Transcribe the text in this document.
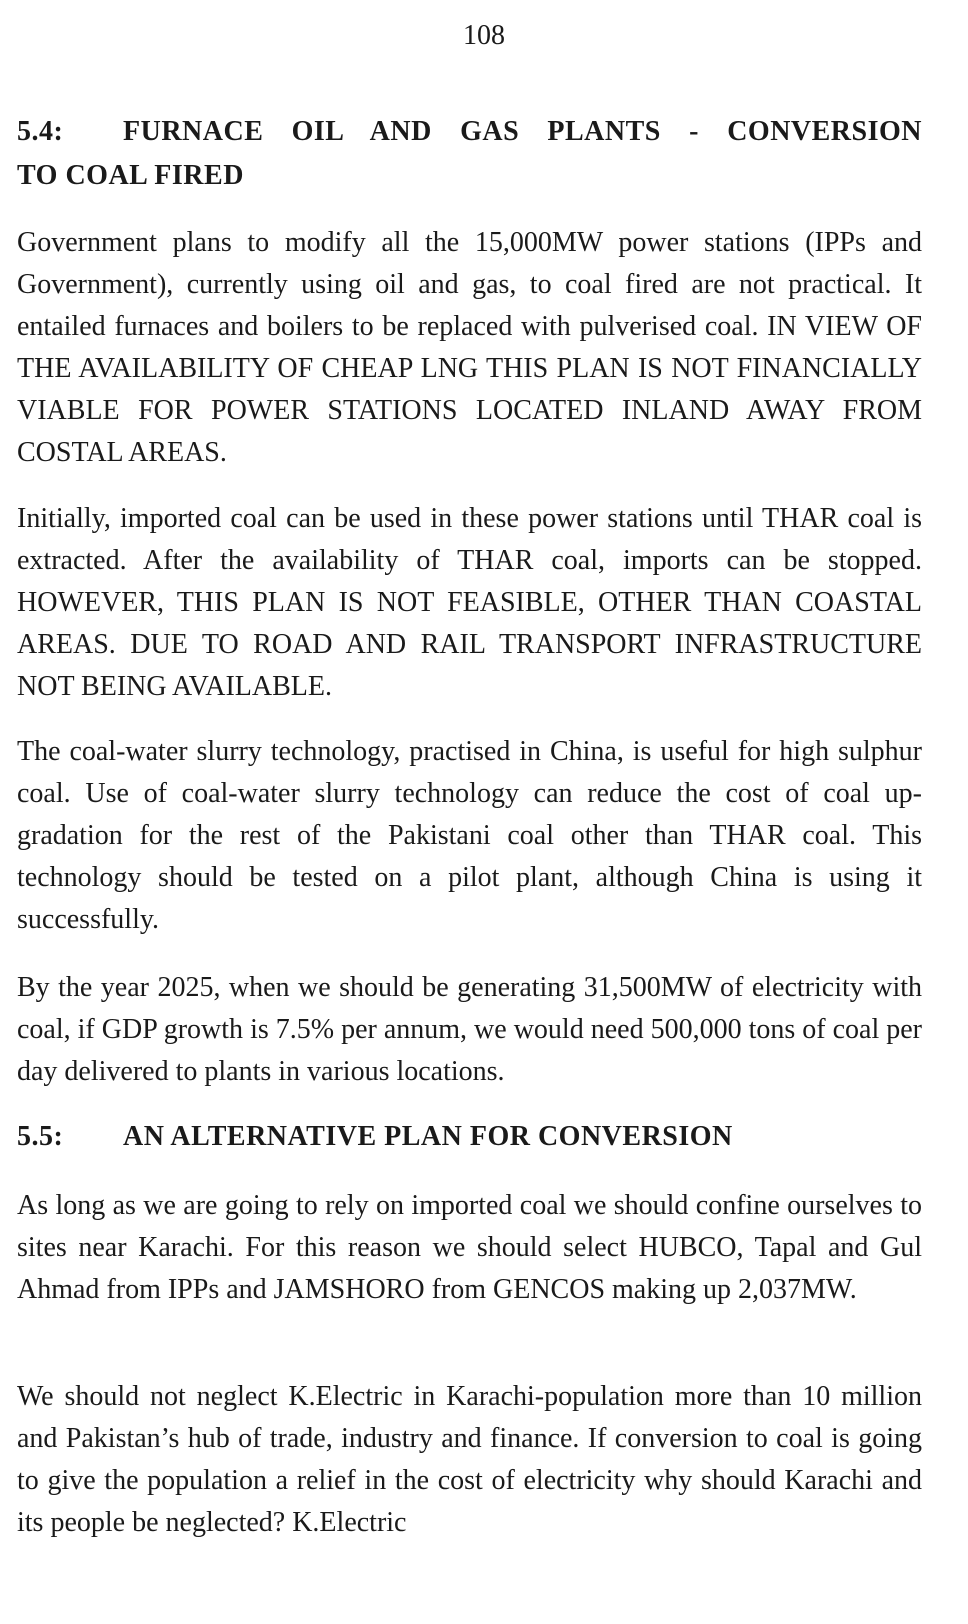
108
5.4:	FURNACE OIL AND GAS PLANTS - CONVERSION
TO COAL FIRED

Government plans to modify all the 15,000MW power stations (IPPs and Government), currently using oil and gas, to coal fired are not practical. It entailed furnaces and boilers to be replaced with pulverised coal. IN VIEW OF THE AVAILABILITY OF CHEAP LNG THIS PLAN IS NOT FINANCIALLY VIABLE FOR POWER STATIONS LOCATED INLAND AWAY FROM COSTAL AREAS.

Initially, imported coal can be used in these power stations until THAR coal is extracted. After the availability of THAR coal, imports can be stopped. HOWEVER, THIS PLAN IS NOT FEASIBLE, OTHER THAN COASTAL AREAS. DUE TO ROAD AND RAIL TRANSPORT INFRASTRUCTURE NOT BEING AVAILABLE.

The coal-water slurry technology, practised in China, is useful for high sulphur coal. Use of coal-water slurry technology can reduce the cost of coal up-gradation for the rest of the Pakistani coal other than THAR coal. This technology should be tested on a pilot plant, although China is using it successfully.

By the year 2025, when we should be generating 31,500MW of electricity with coal, if GDP growth is 7.5% per annum, we would need 500,000 tons of coal per day delivered to plants in various locations.

5.5: AN ALTERNATIVE PLAN FOR CONVERSION

As long as we are going to rely on imported coal we should confine ourselves to sites near Karachi. For this reason we should select HUBCO, Tapal and Gul Ahmad from IPPs and JAMSHORO from GENCOS making up 2,037MW.

We should not neglect K.Electric in Karachi-population more than 10 million and Pakistan’s hub of trade, industry and finance. If conversion to coal is going to give the population a relief in the cost of electricity why should Karachi and its people be neglected? K.Electric
